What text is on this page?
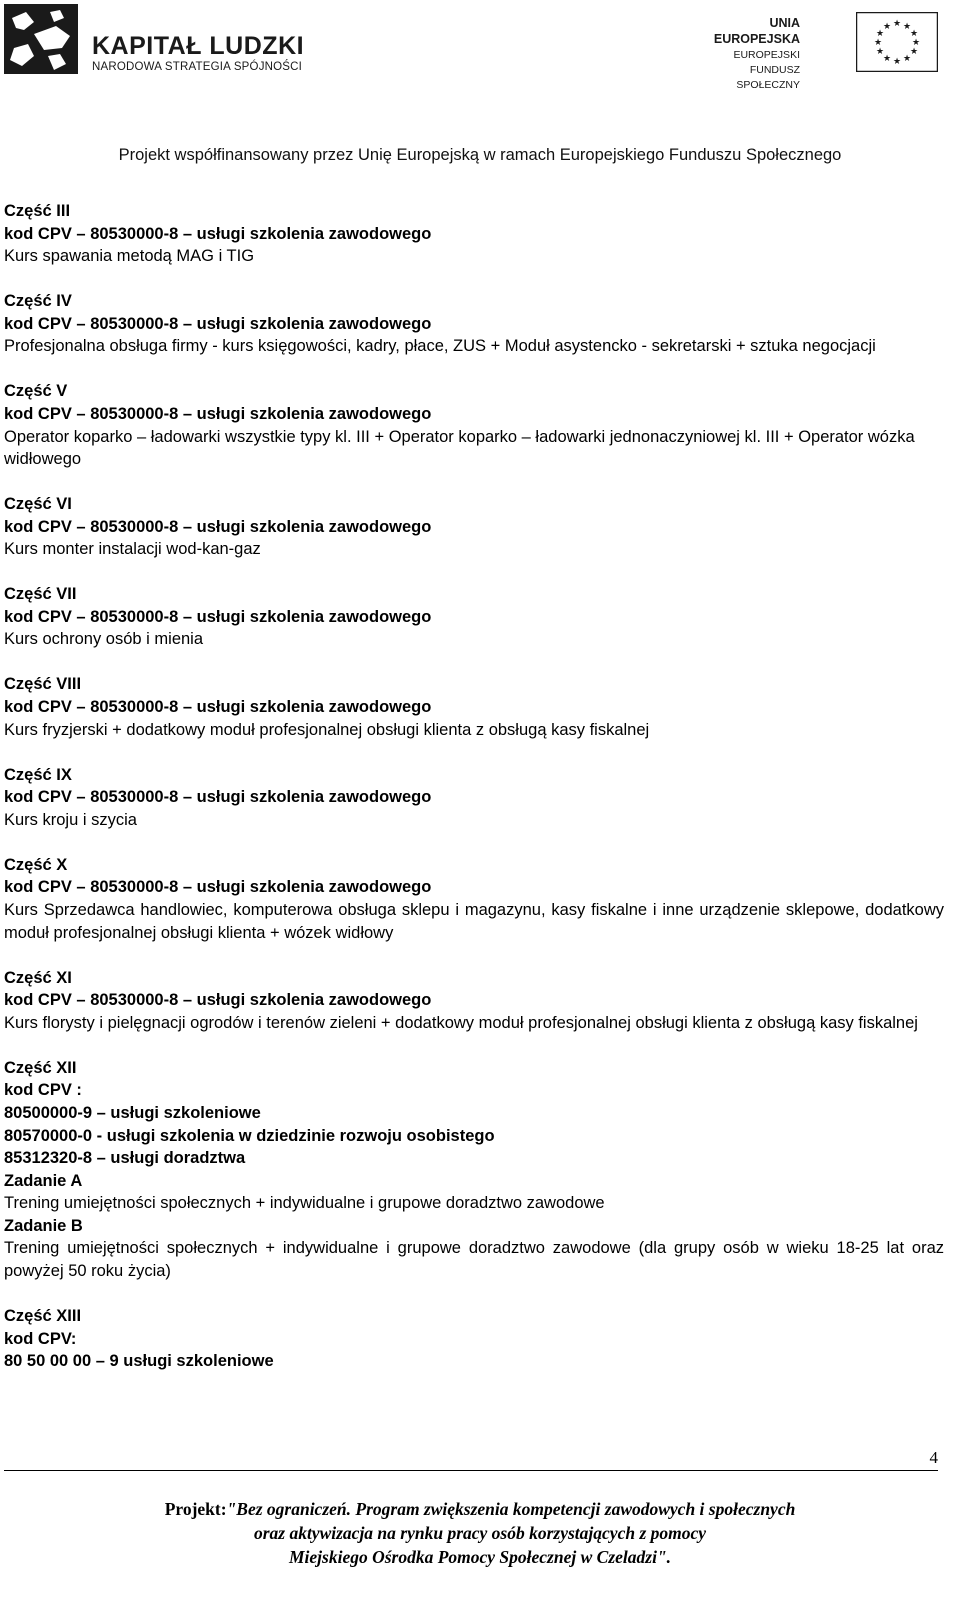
KAPITAŁ LUDZKI
NARODOWA STRATEGIA SPÓJNOŚCI
UNIA EUROPEJSKA
EUROPEJSKI
FUNDUSZ SPOŁECZNY
★ ★
★
★
★
★
★
★
★
★
★
★
Projekt współfinansowany przez Unię Europejską w ramach Europejskiego Funduszu Społecznego
Część III
kod CPV – 80530000-8 – usługi szkolenia zawodowego
Kurs spawania metodą MAG i TIG
Część IV
kod CPV – 80530000-8 – usługi szkolenia zawodowego
Profesjonalna obsługa firmy - kurs księgowości, kadry, płace, ZUS + Moduł asystencko - sekretarski + sztuka negocjacji
Część V
kod CPV – 80530000-8 – usługi szkolenia zawodowego
Operator koparko – ładowarki wszystkie typy kl. III + Operator koparko – ładowarki jednonaczyniowej kl. III + Operator wózka widłowego
Część VI
kod CPV – 80530000-8 – usługi szkolenia zawodowego
Kurs monter instalacji wod-kan-gaz
Część VII
kod CPV – 80530000-8 – usługi szkolenia zawodowego
Kurs ochrony osób i mienia
Część VIII
kod CPV – 80530000-8 – usługi szkolenia zawodowego
Kurs fryzjerski + dodatkowy moduł profesjonalnej obsługi klienta z obsługą kasy fiskalnej
Część IX
kod CPV – 80530000-8 – usługi szkolenia zawodowego
Kurs kroju i szycia
Część X
kod CPV – 80530000-8 – usługi szkolenia zawodowego
Kurs Sprzedawca handlowiec, komputerowa obsługa sklepu i magazynu, kasy fiskalne i inne urządzenie sklepowe, dodatkowy moduł profesjonalnej obsługi klienta + wózek widłowy
Część XI
kod CPV – 80530000-8 – usługi szkolenia zawodowego
Kurs florysty i pielęgnacji ogrodów i terenów zieleni + dodatkowy moduł profesjonalnej obsługi klienta z obsługą kasy fiskalnej
Część XII
kod CPV :
80500000-9 – usługi szkoleniowe
80570000-0 - usługi szkolenia w dziedzinie rozwoju osobistego
85312320-8 – usługi doradztwa
Zadanie A
Trening umiejętności społecznych + indywidualne i grupowe doradztwo zawodowe
Zadanie B
Trening umiejętności społecznych + indywidualne i grupowe doradztwo zawodowe (dla grupy osób w wieku 18-25 lat oraz powyżej 50 roku życia)
Część XIII
kod CPV:
80 50 00 00 – 9 usługi szkoleniowe
4
Projekt:"Bez ograniczeń. Program zwiększenia kompetencji zawodowych i społecznych
oraz aktywizacja na rynku pracy osób korzystających z pomocy
Miejskiego Ośrodka Pomocy Społecznej w Czeladzi".
